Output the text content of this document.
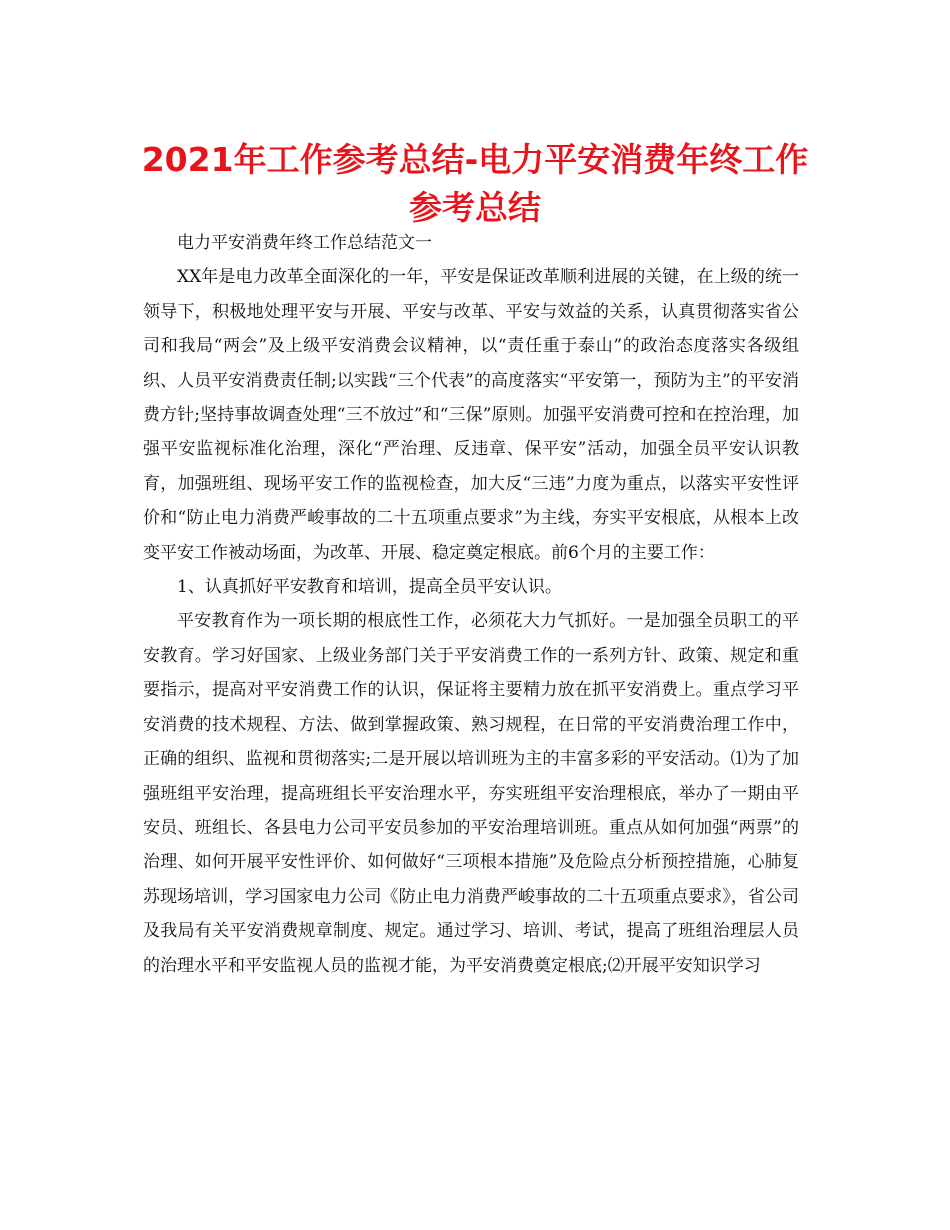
2021年工作参考总结-电力平安消费年终工作参考总结

电力平安消费年终工作总结范文一

XX年是电力改革全面深化的一年，平安是保证改革顺利进展的关键，在上级的统一领导下，积极地处理平安与开展、平安与改革、平安与效益的关系，认真贯彻落实省公司和我局“两会”及上级平安消费会议精神，以“责任重于泰山”的政治态度落实各级组织、人员平安消费责任制;以实践“三个代表”的高度落实“平安第一，预防为主”的平安消费方针;坚持事故调查处理“三不放过”和“三保”原则。加强平安消费可控和在控治理，加强平安监视标准化治理，深化“严治理、反违章、保平安”活动，加强全员平安认识教育，加强班组、现场平安工作的监视检查，加大反“三违”力度为重点，以落实平安性评价和“防止电力消费严峻事故的二十五项重点要求”为主线，夯实平安根底，从根本上改变平安工作被动场面，为改革、开展、稳定奠定根底。前6个月的主要工作：

1、认真抓好平安教育和培训，提高全员平安认识。

平安教育作为一项长期的根底性工作，必须花大力气抓好。一是加强全员职工的平安教育。学习好国家、上级业务部门关于平安消费工作的一系列方针、政策、规定和重要指示，提高对平安消费工作的认识，保证将主要精力放在抓平安消费上。重点学习平安消费的技术规程、方法、做到掌握政策、熟习规程，在日常的平安消费治理工作中，正确的组织、监视和贯彻落实;二是开展以培训班为主的丰富多彩的平安活动。⑴为了加强班组平安治理，提高班组长平安治理水平，夯实班组平安治理根底，举办了一期由平安员、班组长、各县电力公司平安员参加的平安治理培训班。重点从如何加强“两票”的治理、如何开展平安性评价、如何做好“三项根本措施”及危险点分析预控措施，心肺复苏现场培训，学习国家电力公司《防止电力消费严峻事故的二十五项重点要求》，省公司及我局有关平安消费规章制度、规定。通过学习、培训、考试，提高了班组治理层人员的治理水平和平安监视人员的监视才能，为平安消费奠定根底;⑵开展平安知识学习
